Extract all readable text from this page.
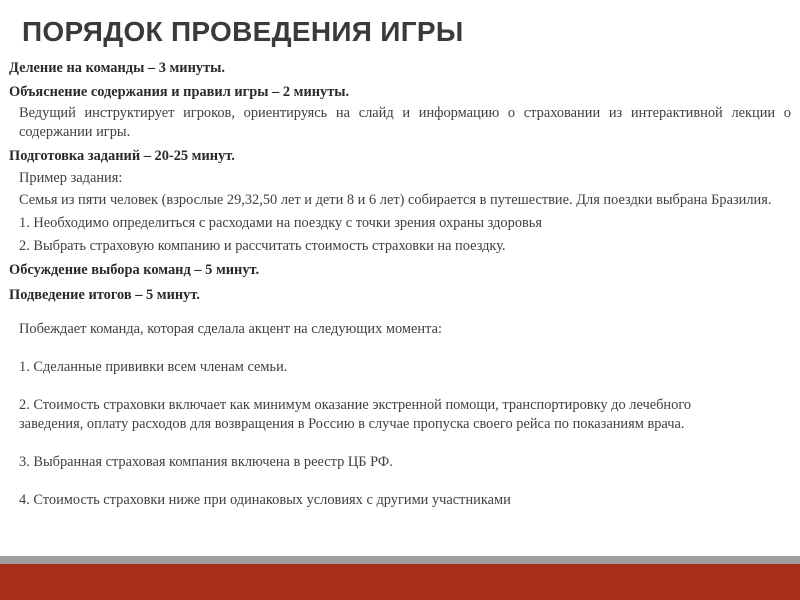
ПОРЯДОК ПРОВЕДЕНИЯ ИГРЫ

Деление на команды – 3 минуты.

Объяснение содержания и правил игры – 2 минуты.

Ведущий инструктирует игроков, ориентируясь на слайд и информацию о страховании из интерактивной лекции о содержании игры.

Подготовка заданий – 20-25 минут.

Пример задания:

Семья из пяти человек (взрослые 29,32,50 лет и дети 8 и 6 лет) собирается в путешествие. Для поездки выбрана Бразилия.

1. Необходимо определиться с расходами на поездку с точки зрения охраны здоровья

2. Выбрать страховую компанию и рассчитать стоимость страховки на поездку.

Обсуждение выбора команд – 5 минут.

Подведение итогов – 5 минут.

Побеждает команда, которая сделала акцент на следующих момента:

1. Сделанные прививки всем членам семьи.

2. Стоимость страховки включает как минимум оказание экстренной помощи, транспортировку до лечебного заведения, оплату расходов для возвращения в Россию в случае пропуска своего рейса по показаниям врача.

3. Выбранная страховая компания включена в реестр ЦБ РФ.

4. Стоимость страховки ниже при одинаковых условиях с другими участниками
